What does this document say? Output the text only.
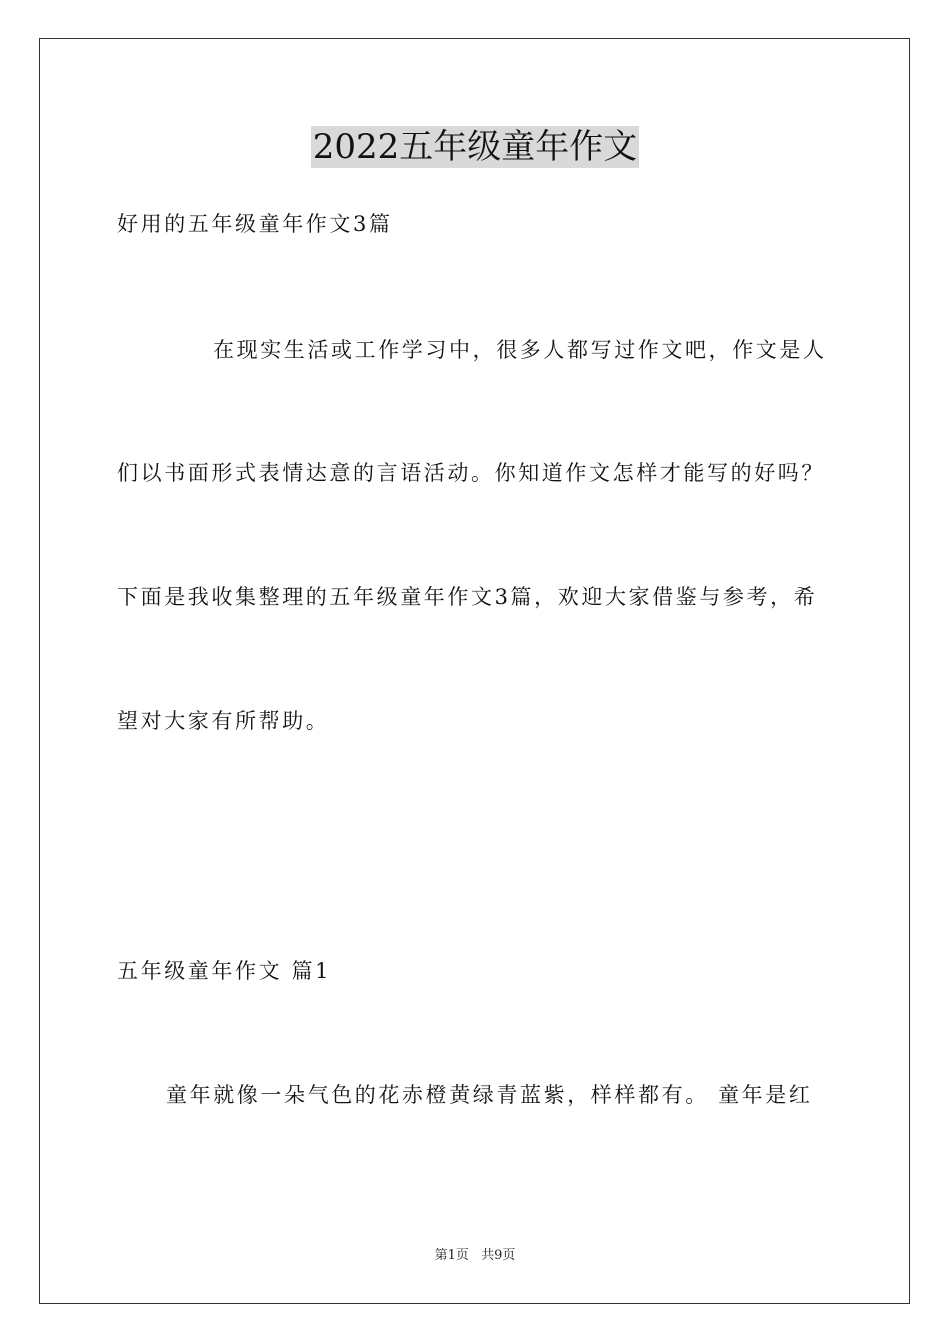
2022五年级童年作文
好用的五年级童年作文3篇
在现实生活或工作学习中，很多人都写过作文吧，作文是人
们以书面形式表情达意的言语活动。你知道作文怎样才能写的好吗？
下面是我收集整理的五年级童年作文3篇，欢迎大家借鉴与参考，希
望对大家有所帮助。
五年级童年作文 篇1
童年就像一朵气色的花赤橙黄绿青蓝紫，样样都有。 童年是红
第1页 共9页
